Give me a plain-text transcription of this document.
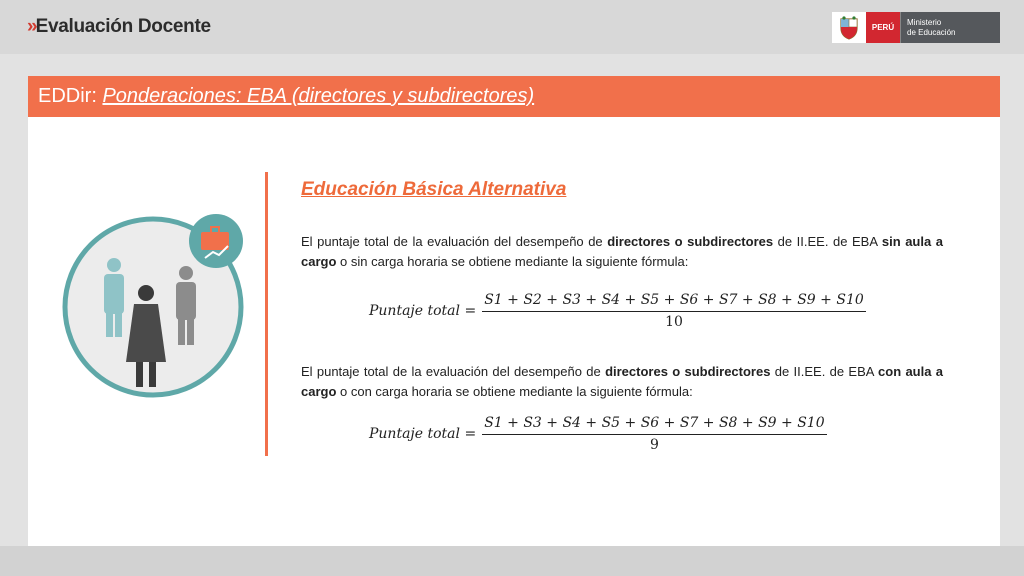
»Evaluación Docente	PERÚ
Ministerio
de Educación
EDDir: Ponderaciones: EBA (directores y subdirectores)
Educación Básica Alternativa
El puntaje total de la evaluación del desempeño de directores o subdirectores de II.EE. de EBA sin aula a cargo o sin carga horaria se obtiene mediante la siguiente fórmula:
Puntaje total = $\frac{S1 + S2 + S3 + S4 + S5 + S6 + S7 + S8 + S9 + S10}{10}$
El puntaje total de la evaluación del desempeño de directores o subdirectores de II.EE. de EBA con aula a cargo o con carga horaria se obtiene mediante la siguiente fórmula:
Puntaje total = $\frac{S1 + S3 + S4 + S5 + S6 + S7 + S8 + S9 + S10}{9}$
